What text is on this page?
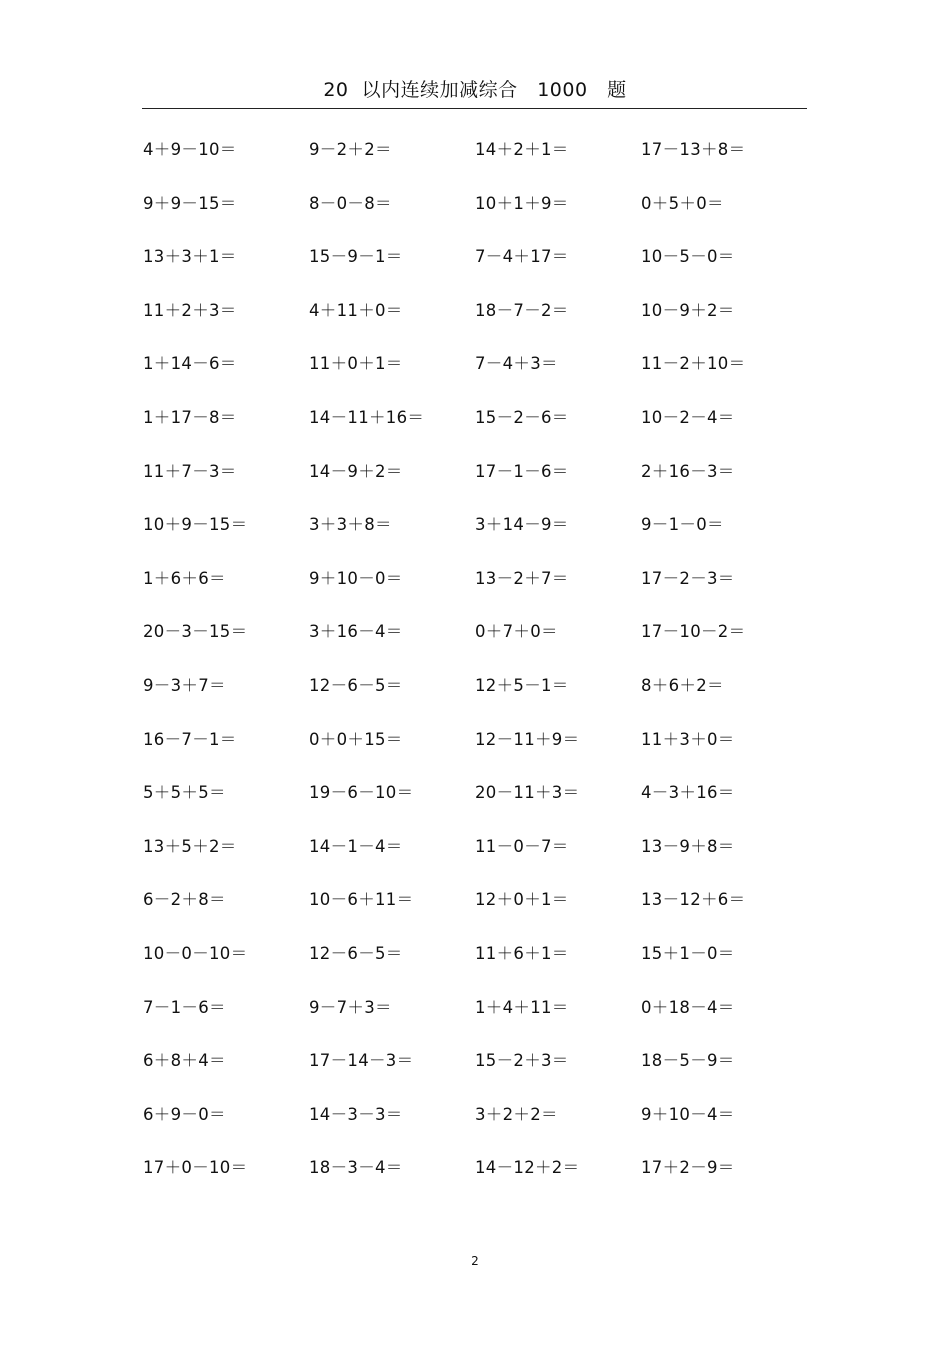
20  以内连续加减综合   1000   题
4＋9－10＝	9－2＋2＝	14＋2＋1＝	17－13＋8＝
9＋9－15＝	8－0－8＝	10＋1＋9＝	0＋5＋0＝
13＋3＋1＝	15－9－1＝	7－4＋17＝	10－5－0＝
11＋2＋3＝	4＋11＋0＝	18－7－2＝	10－9＋2＝
1＋14－6＝	11＋0＋1＝	7－4＋3＝	11－2＋10＝
1＋17－8＝	14－11＋16＝	15－2－6＝	10－2－4＝
11＋7－3＝	14－9＋2＝	17－1－6＝	2＋16－3＝
10＋9－15＝	3＋3＋8＝	3＋14－9＝	9－1－0＝
1＋6＋6＝	9＋10－0＝	13－2＋7＝	17－2－3＝
20－3－15＝	3＋16－4＝	0＋7＋0＝	17－10－2＝
9－3＋7＝	12－6－5＝	12＋5－1＝	8＋6＋2＝
16－7－1＝	0＋0＋15＝	12－11＋9＝	11＋3＋0＝
5＋5＋5＝	19－6－10＝	20－11＋3＝	4－3＋16＝
13＋5＋2＝	14－1－4＝	11－0－7＝	13－9＋8＝
6－2＋8＝	10－6＋11＝	12＋0＋1＝	13－12＋6＝
10－0－10＝	12－6－5＝	11＋6＋1＝	15＋1－0＝
7－1－6＝	9－7＋3＝	1＋4＋11＝	0＋18－4＝
6＋8＋4＝	17－14－3＝	15－2＋3＝	18－5－9＝
6＋9－0＝	14－3－3＝	3＋2＋2＝	9＋10－4＝
17＋0－10＝	18－3－4＝	14－12＋2＝	17＋2－9＝
2
